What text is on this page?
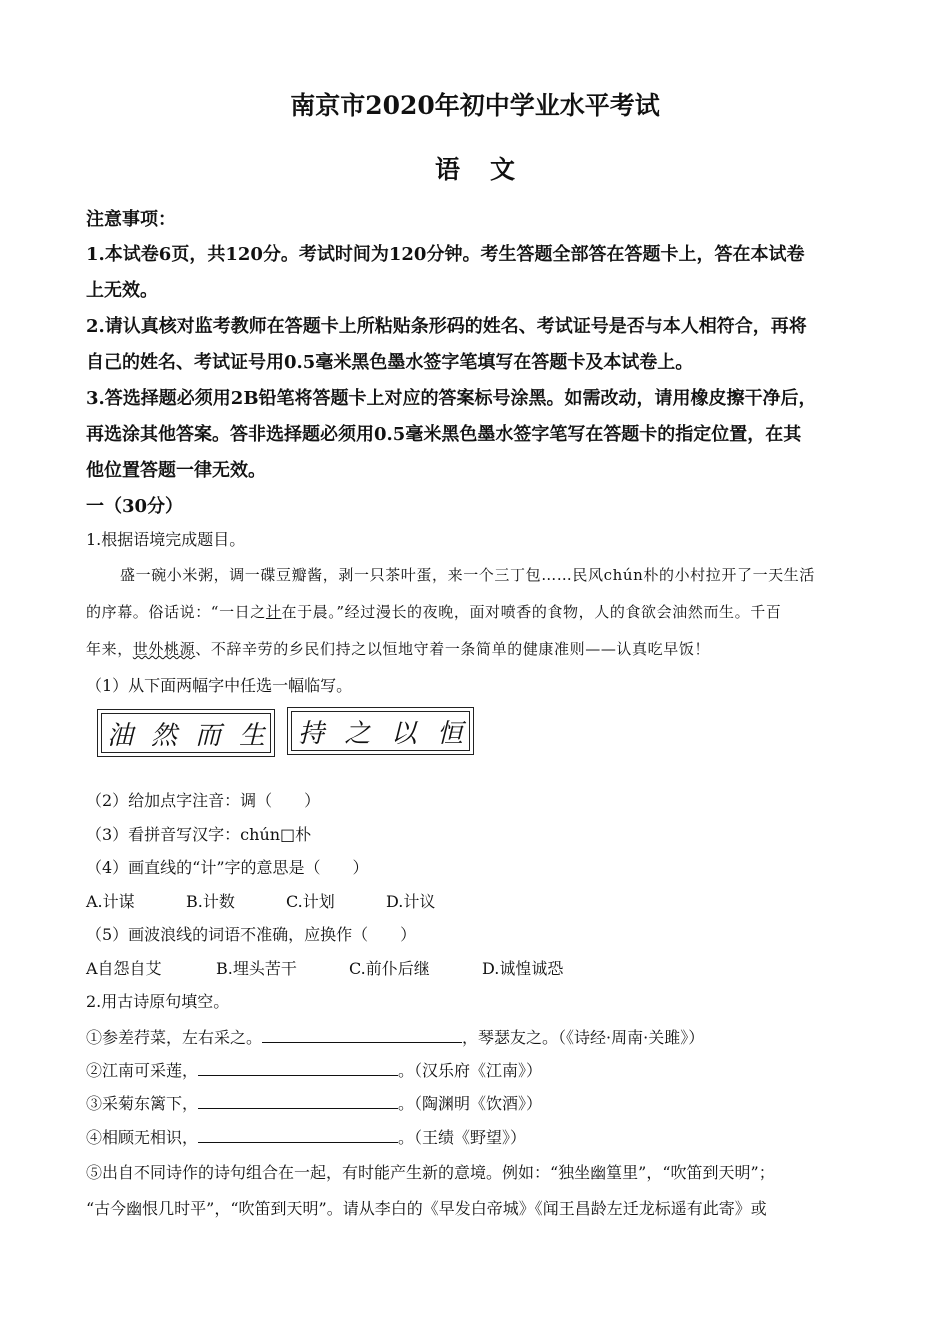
南京市2020年初中学业水平考试
语文
注意事项：
1.本试卷6页，共120分。考试时间为120分钟。考生答题全部答在答题卡上，答在本试卷
上无效。
2.请认真核对监考教师在答题卡上所粘贴条形码的姓名、考试证号是否与本人相符合，再将
自己的姓名、考试证号用0.5毫米黑色墨水签字笔填写在答题卡及本试卷上。
3.答选择题必须用2B铅笔将答题卡上对应的答案标号涂黑。如需改动，请用橡皮擦干净后，
再选涂其他答案。答非选择题必须用0.5毫米黑色墨水签字笔写在答题卡的指定位置，在其
他位置答题一律无效。
一（30分）
1.根据语境完成题目。
盛一碗小米粥，调一碟豆瓣酱，剥一只茶叶蛋，来一个三丁包……民风chún朴的小村拉开了一天生活
的序幕。俗话说：“一日之计在于晨。”经过漫长的夜晚，面对喷香的食物，人的食欲会油然而生。千百
年来，世外桃源、不辞辛劳的乡民们持之以恒地守着一条简单的健康准则——认真吃早饭！
（1）从下面两幅字中任选一幅临写。
油 然 而 生 持 之 以 恒
（2）给加点字注音：调（　　）
（3）看拼音写汉字：chún□朴
（4）画直线的“计”字的意思是（　　）
A.计谋	B.计数	C.计划	D.计议
（5）画波浪线的词语不准确，应换作（　　）
A自怨自艾	B.埋头苦干	C.前仆后继	D.诚惶诚恐
2.用古诗原句填空。
①参差荇菜，左右采之。	，琴瑟友之。（《诗经·周南·关雎》）
②江南可采莲，	。（汉乐府《江南》）
③采菊东篱下，	。（陶渊明《饮酒》）
④相顾无相识，	。（王绩《野望》）
⑤出自不同诗作的诗句组合在一起，有时能产生新的意境。例如：“独坐幽篁里”，“吹笛到天明”；
“古今幽恨几时平”，“吹笛到天明”。请从李白的《早发白帝城》《闻王昌龄左迁龙标遥有此寄》或
